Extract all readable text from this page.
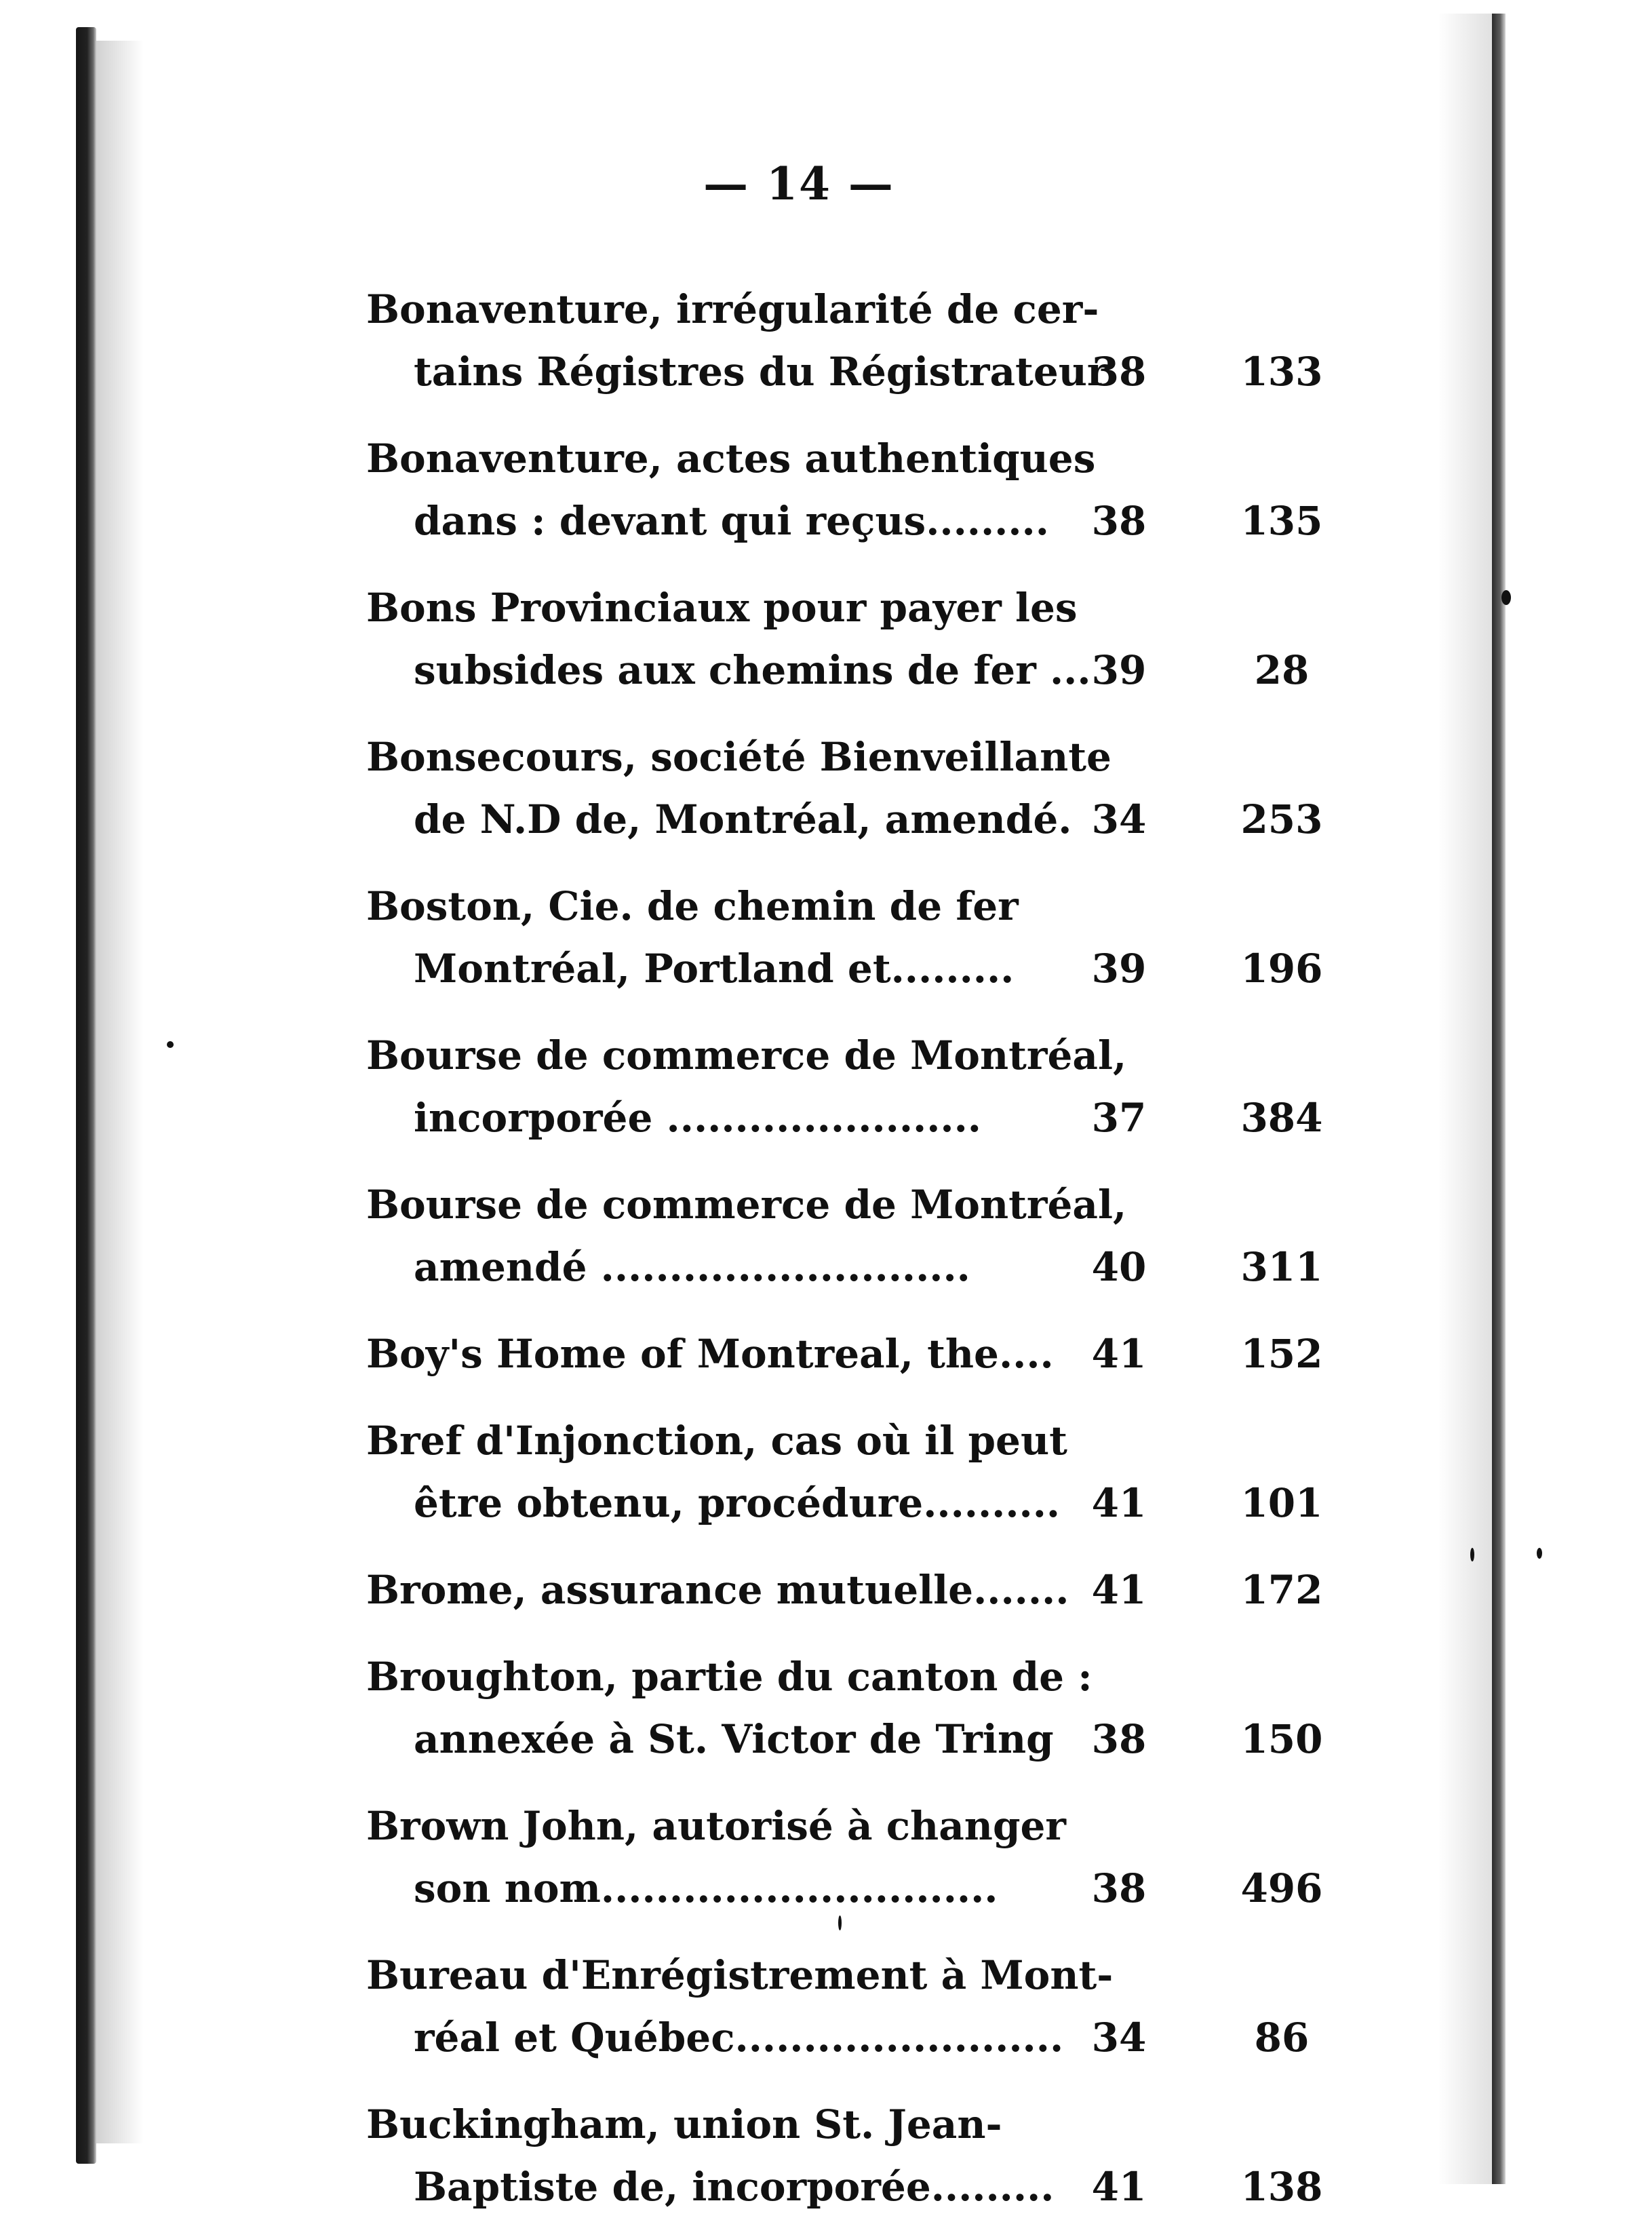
— 14 —
Bonaventure, irrégularité de cer-
tains Régistres du Régistrateur
38	133
Bonaventure, actes authentiques
dans : devant qui reçus.........	38	135
Bons Provinciaux pour payer les
subsides aux chemins de fer ... 39	28
Bonsecours, société Bienveillante
de N.D de, Montréal, amendé. 34	253
Boston, Cie. de chemin de fer
Montréal, Portland et.........	39	196
Bourse de commerce de Montréal,
incorporée .......................	37	384
Bourse de commerce de Montréal,
amendé ...........................	40	311
Boy's Home of Montreal, the.... 41	152
Bref d'Injonction, cas où il peut
être obtenu, procédure.......... 41	101
Brome, assurance mutuelle....... 41	172
Broughton, partie du canton de :
annexée à St. Victor de Tring 38	150
Brown John, autorisé à changer
son nom.............................	38	496
Bureau d'Enrégistrement à Mont-
réal et Québec........................ 34	86
Buckingham, union St. Jean-
Baptiste de, incorporée......... 41	138
